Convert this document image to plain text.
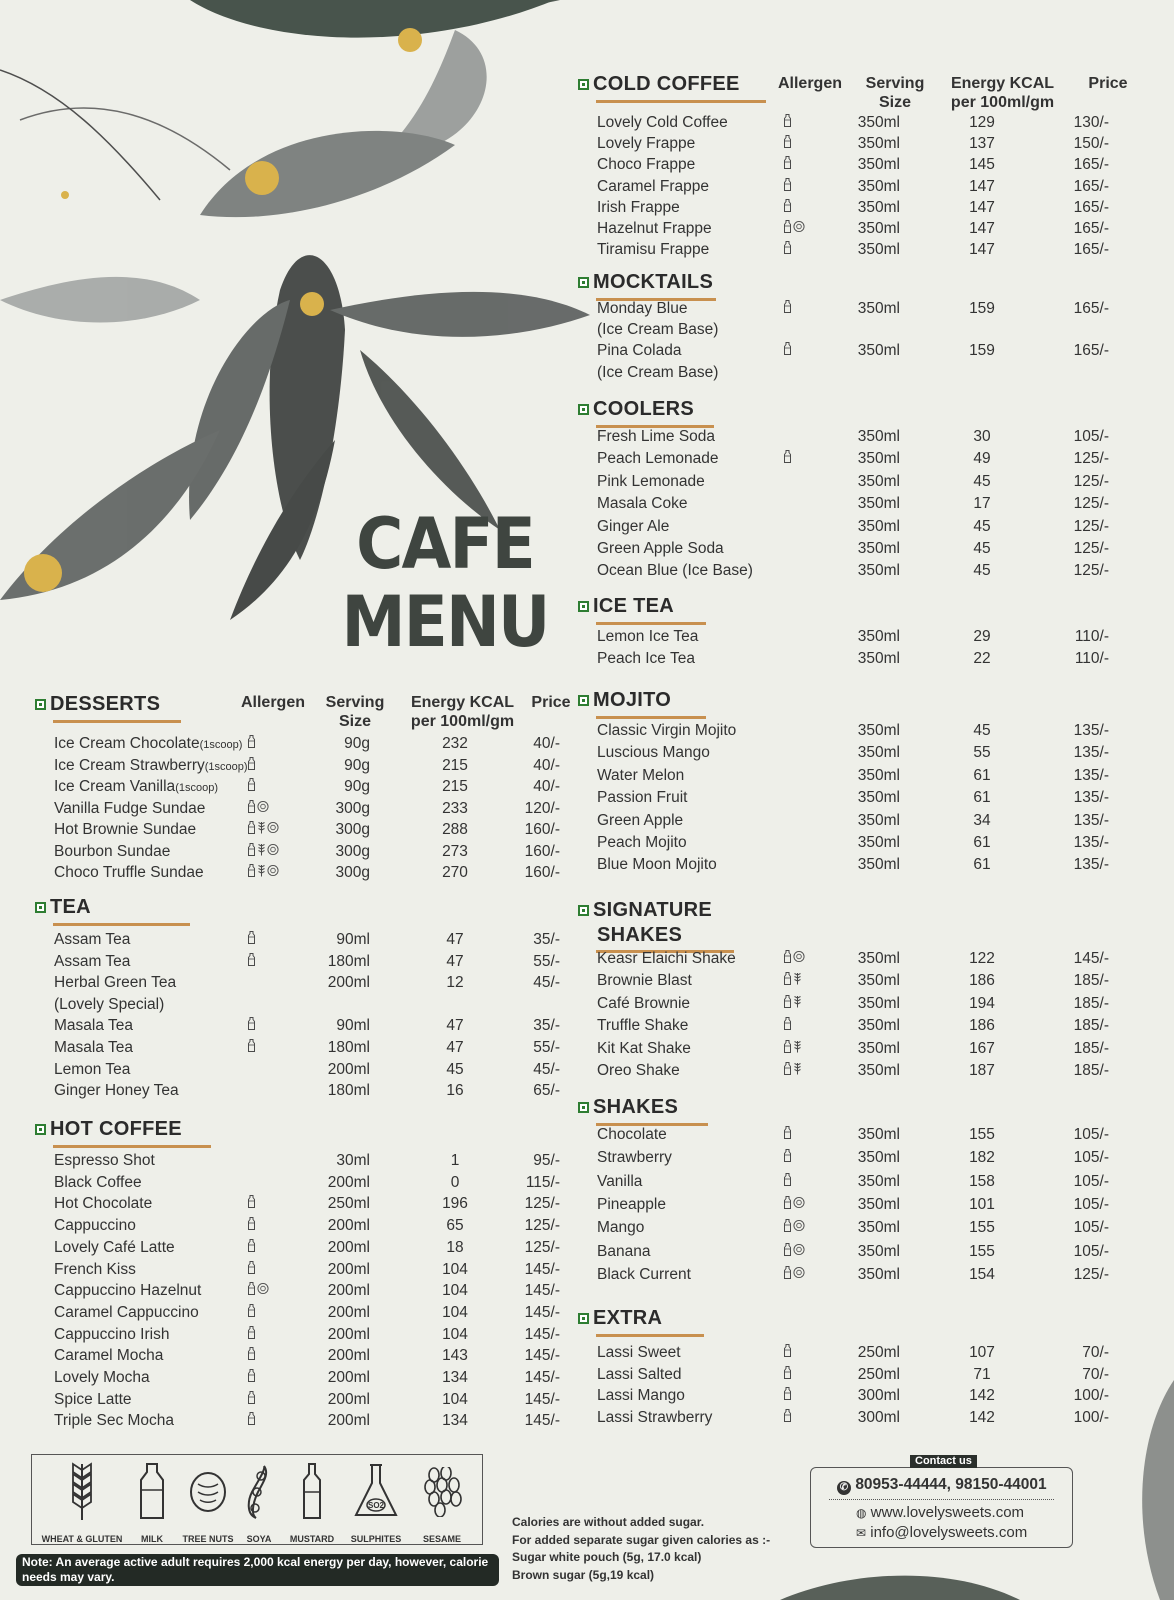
CAFE
MENU
Allergen	Serving
Size
Energy KCAL
per 100ml/gm
Price
Allergen	Serving
Size
Energy KCAL
per 100ml/gm
Price
COLD COFFEE
Lovely Cold Coffee	350ml	129	130/-
Lovely Frappe	350ml	137	150/-
Choco Frappe	350ml	145	165/-
Caramel Frappe	350ml	147	165/-
Irish Frappe	350ml	147	165/-
Hazelnut Frappe	350ml	147	165/-
Tiramisu Frappe	350ml	147	165/-
MOCKTAILS
Monday Blue	350ml	159	165/-
(Ice Cream Base)
Pina Colada	350ml	159	165/-
(Ice Cream Base)
COOLERS
Fresh Lime Soda	350ml	30	105/-
Peach Lemonade	350ml	49	125/-
Pink Lemonade	350ml	45	125/-
Masala Coke	350ml	17	125/-
Ginger Ale	350ml	45	125/-
Green Apple Soda	350ml	45	125/-
Ocean Blue (Ice Base)	350ml	45	125/-
ICE TEA
Lemon Ice Tea	350ml	29	110/-
Peach Ice Tea	350ml	22	110/-
MOJITO
Classic Virgin Mojito	350ml	45	135/-
Luscious Mango	350ml	55	135/-
Water Melon	350ml	61	135/-
Passion Fruit	350ml	61	135/-
Green Apple	350ml	34	135/-
Peach Mojito	350ml	61	135/-
Blue Moon Mojito	350ml	61	135/-
SIGNATURE
SHAKES
Keasr Elaichi Shake	350ml	122	145/-
Brownie Blast	350ml	186	185/-
Café Brownie	350ml	194	185/-
Truffle Shake	350ml	186	185/-
Kit Kat Shake	350ml	167	185/-
Oreo Shake	350ml	187	185/-
SHAKES
Chocolate	350ml	155	105/-
Strawberry	350ml	182	105/-
Vanilla	350ml	158	105/-
Pineapple	350ml	101	105/-
Mango	350ml	155	105/-
Banana	350ml	155	105/-
Black Current	350ml	154	125/-
EXTRA
Lassi Sweet	250ml	107	70/-
Lassi Salted	250ml	71	70/-
Lassi Mango	300ml	142	100/-
Lassi Strawberry	300ml	142	100/-
DESSERTS
Ice Cream Chocolate(1scoop)	90g	232	40/-
Ice Cream Strawberry(1scoop)	90g	215	40/-
Ice Cream Vanilla(1scoop)	90g	215	40/-
Vanilla Fudge Sundae	300g	233	120/-
Hot Brownie Sundae	300g	288	160/-
Bourbon Sundae	300g	273	160/-
Choco Truffle Sundae	300g	270	160/-
TEA
Assam Tea	90ml	47	35/-
Assam Tea	180ml	47	55/-
Herbal Green Tea	200ml	12	45/-
(Lovely Special)
Masala Tea	90ml	47	35/-
Masala Tea	180ml	47	55/-
Lemon Tea	200ml	45	45/-
Ginger Honey Tea	180ml	16	65/-
HOT COFFEE
Espresso Shot	30ml	1	95/-
Black Coffee	200ml	0	115/-
Hot Chocolate	250ml	196	125/-
Cappuccino	200ml	65	125/-
Lovely Café Latte	200ml	18	125/-
French Kiss	200ml	104	145/-
Cappuccino Hazelnut	200ml	104	145/-
Caramel Cappuccino	200ml	104	145/-
Cappuccino Irish	200ml	104	145/-
Caramel Mocha	200ml	143	145/-
Lovely Mocha	200ml	134	145/-
Spice Latte	200ml	104	145/-
Triple Sec Mocha	200ml	134	145/-
WHEAT & GLUTEN MILK TREE NUTS SOYA MUSTARD
SO2
SULPHITES SESAME
Note: An average active adult requires 2,000 kcal energy per day, however, calorie needs may vary.
Calories are without added sugar.
For added separate sugar given calories as :-
Sugar white pouch (5g, 17.0 kcal)
Brown sugar (5g,19 kcal)
✆ 80953-44444, 98150-44001
◍ www.lovelysweets.com
✉ info@lovelysweets.com
Contact us
